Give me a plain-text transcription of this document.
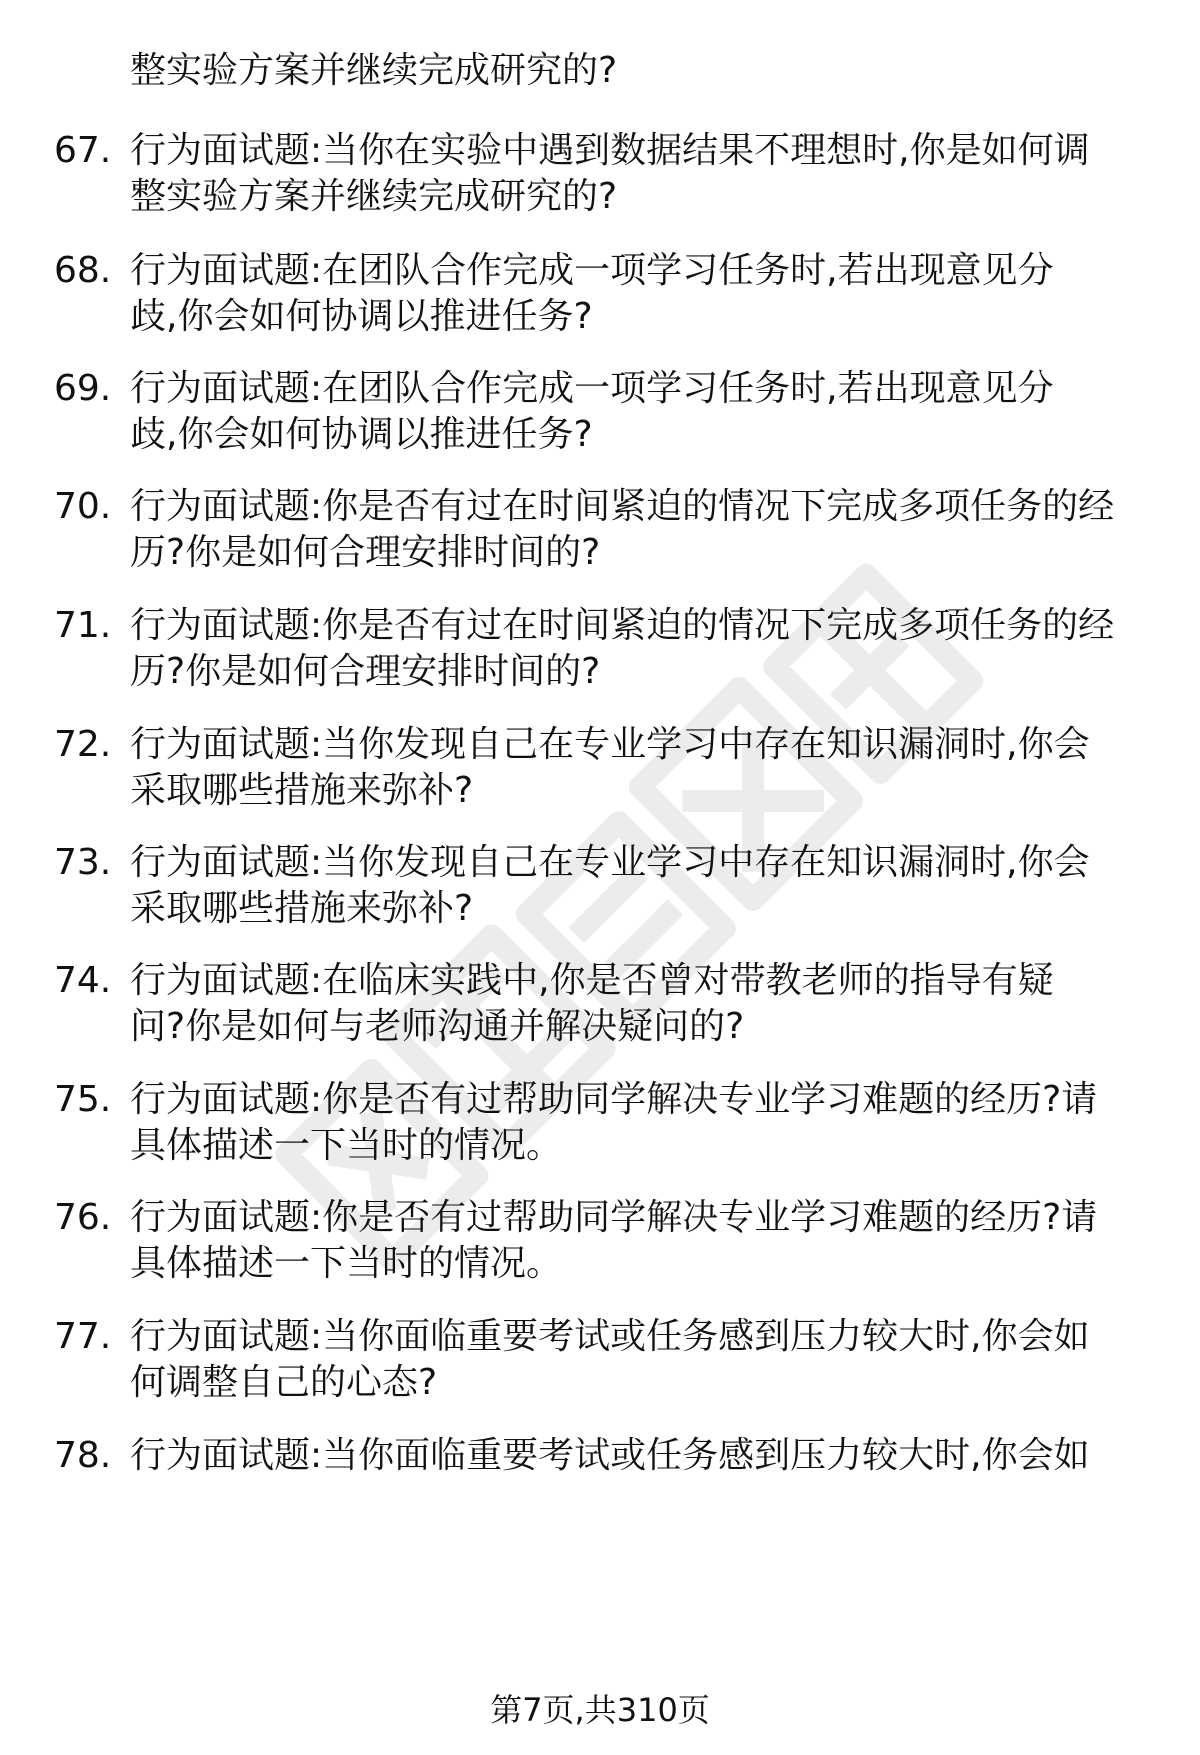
整实验方案并继续完成研究的?
67. 行为面试题:当你在实验中遇到数据结果不理想时,你是如何调
整实验方案并继续完成研究的?
68. 行为面试题:在团队合作完成一项学习任务时,若出现意见分
歧,你会如何协调以推进任务?
69. 行为面试题:在团队合作完成一项学习任务时,若出现意见分
歧,你会如何协调以推进任务?
70. 行为面试题:你是否有过在时间紧迫的情况下完成多项任务的经
历?你是如何合理安排时间的?
71. 行为面试题:你是否有过在时间紧迫的情况下完成多项任务的经
历?你是如何合理安排时间的?
72. 行为面试题:当你发现自己在专业学习中存在知识漏洞时,你会
采取哪些措施来弥补?
73. 行为面试题:当你发现自己在专业学习中存在知识漏洞时,你会
采取哪些措施来弥补?
74. 行为面试题:在临床实践中,你是否曾对带教老师的指导有疑
问?你是如何与老师沟通并解决疑问的?
75. 行为面试题:你是否有过帮助同学解决专业学习难题的经历?请
具体描述一下当时的情况。
76. 行为面试题:你是否有过帮助同学解决专业学习难题的经历?请
具体描述一下当时的情况。
77. 行为面试题:当你面临重要考试或任务感到压力较大时,你会如
何调整自己的心态?
78. 行为面试题:当你面临重要考试或任务感到压力较大时,你会如
第7页,共310页
